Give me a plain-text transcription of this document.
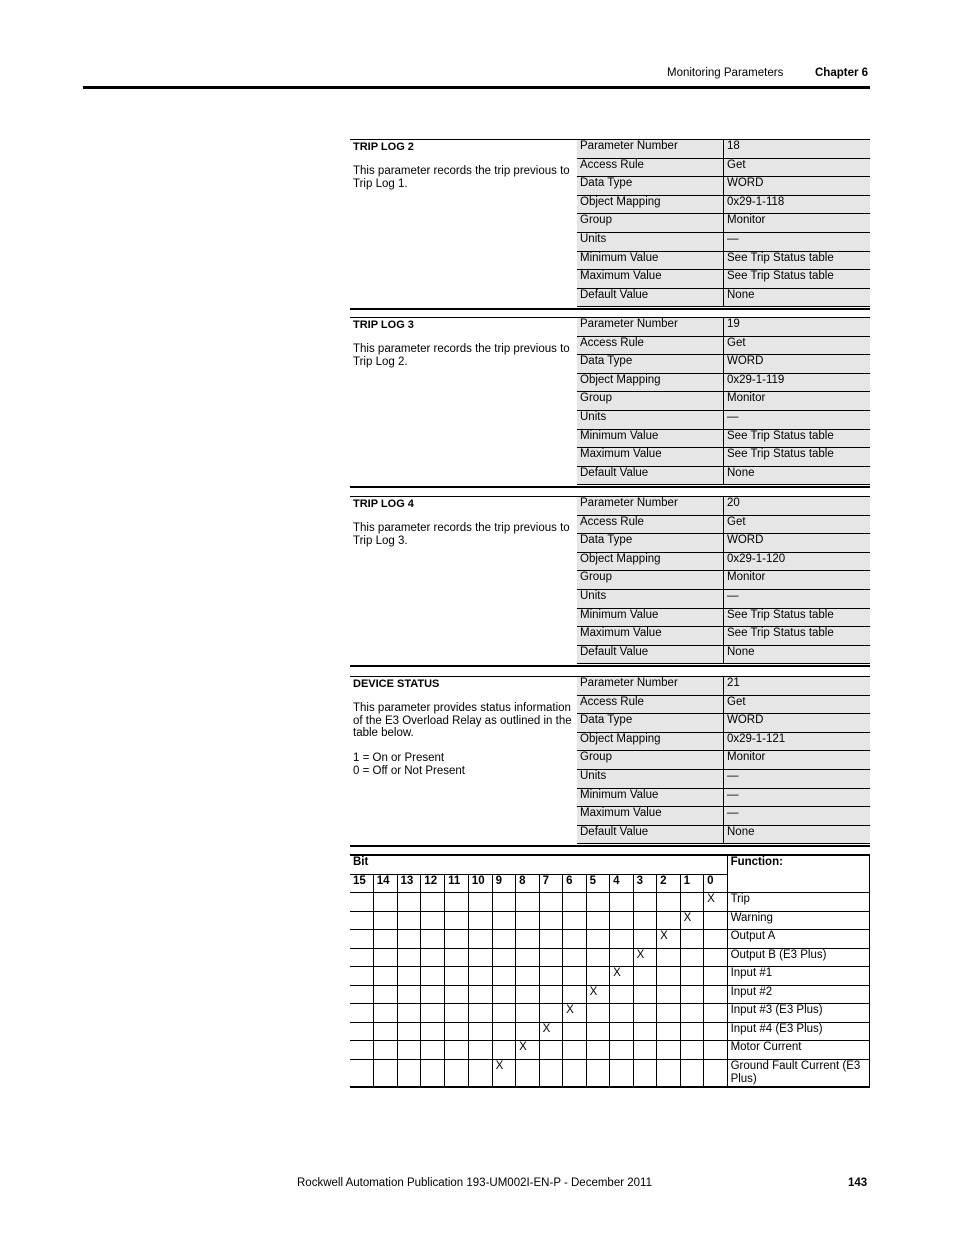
Monitoring Parameters	Chapter 6
TRIP LOG 2
This parameter records the trip previous to Trip Log 1.
Parameter Number	18
Access Rule	Get
Data Type	WORD
Object Mapping	0x29-1-118
Group	Monitor
Units	—
Minimum Value	See Trip Status table
Maximum Value	See Trip Status table
Default Value	None
TRIP LOG 3
This parameter records the trip previous to Trip Log 2.
Parameter Number	19
Access Rule	Get
Data Type	WORD
Object Mapping	0x29-1-119
Group	Monitor
Units	—
Minimum Value	See Trip Status table
Maximum Value	See Trip Status table
Default Value	None
TRIP LOG 4
This parameter records the trip previous to Trip Log 3.
Parameter Number	20
Access Rule	Get
Data Type	WORD
Object Mapping	0x29-1-120
Group	Monitor
Units	—
Minimum Value	See Trip Status table
Maximum Value	See Trip Status table
Default Value	None
DEVICE STATUS
This parameter provides status information of the E3 Overload Relay as outlined in the table below.

1 = On or Present
0 = Off or Not Present
Parameter Number	21
Access Rule	Get
Data Type	WORD
Object Mapping	0x29-1-121
Group	Monitor
Units	—
Minimum Value	—
Maximum Value	—
Default Value	None
Bit																Function:
15	14	13	12	11	10	9	8	7	6	5	4	3	2	1	0	
															X	Trip
														X		Warning
													X			Output A
												X				Output B (E3 Plus)
											X					Input #1
										X						Input #2
									X							Input #3 (E3 Plus)
								X								Input #4 (E3 Plus)
							X									Motor Current
						X										Ground Fault Current (E3 Plus)
Rockwell Automation Publication 193-UM002I-EN-P - December 2011	143
